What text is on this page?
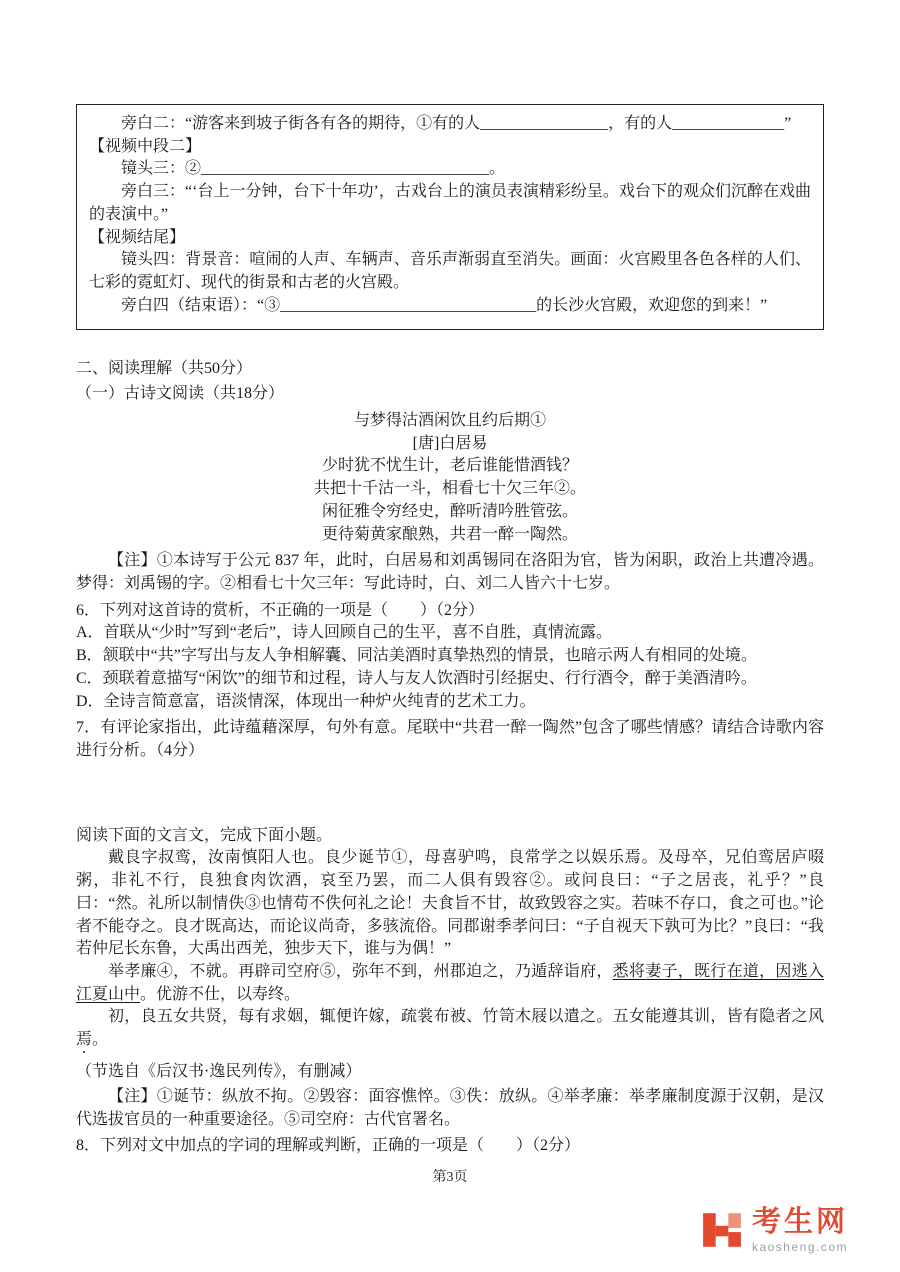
旁白二：“游客来到坡子街各有各的期待，①有的人________________，有的人______________”

【视频中段二】

镜头三：②____________________________________。

旁白三：“‘台上一分钟，台下十年功’，古戏台上的演员表演精彩纷呈。戏台下的观众们沉醉在戏曲的表演中。”

【视频结尾】

镜头四：背景音：喧闹的人声、车辆声、音乐声渐弱直至消失。画面：火宫殿里各色各样的人们、七彩的霓虹灯、现代的街景和古老的火宫殿。

旁白四（结束语）：“③________________________________的长沙火宫殿，欢迎您的到来！”

二、阅读理解（共50分）

（一）古诗文阅读（共18分）

与梦得沽酒闲饮且约后期①

[唐]白居易

少时犹不忧生计，老后谁能惜酒钱？

共把十千沽一斗，相看七十欠三年②。

闲征雅令穷经史，醉听清吟胜管弦。

更待菊黄家酿熟，共君一醉一陶然。

【注】①本诗写于公元 837 年，此时，白居易和刘禹锡同在洛阳为官，皆为闲职，政治上共遭冷遇。梦得：刘禹锡的字。②相看七十欠三年：写此诗时，白、刘二人皆六十七岁。

6．下列对这首诗的赏析，不正确的一项是（　　）（2分）

A．首联从“少时”写到“老后”，诗人回顾自己的生平，喜不自胜，真情流露。

B．颔联中“共”字写出与友人争相解囊、同沽美酒时真挚热烈的情景，也暗示两人有相同的处境。

C．颈联着意描写“闲饮”的细节和过程，诗人与友人饮酒时引经据史、行行酒令，醉于美酒清吟。

D．全诗言简意富，语淡情深，体现出一种炉火纯青的艺术工力。

7．有评论家指出，此诗蕴藉深厚，句外有意。尾联中“共君一醉一陶然”包含了哪些情感？请结合诗歌内容进行分析。（4分）

阅读下面的文言文，完成下面小题。

戴良字叔鸾，汝南慎阳人也。良少诞节①，母喜驴鸣，良常学之以娱乐焉。及母卒，兄伯鸾居庐啜粥，非礼不行，良独食肉饮酒，哀至乃罢，而二人俱有毁容②。或问良曰：“子之居丧，礼乎？”良曰：“然。礼所以制情佚③也情苟不佚何礼之论！夫食旨不甘，故致毁容之实。若味不存口，食之可也。”论者不能夺之。良才既高达，而论议尚奇，多骇流俗。同郡谢季孝问曰：“子自视天下孰可为比？”良曰：“我若仲尼长东鲁，大禹出西羌，独步天下，谁与为偶！”

举孝廉④，不就。再辟司空府⑤，弥年不到，州郡迫之，乃遁辞诣府，悉将妻子，既行在道，因逃入江夏山中。优游不仕，以寿终。

初，良五女共贤，每有求姻，辄便许嫁，疏裳布被、竹笥木屐以遣之。五女能遵其训，皆有隐者之风焉。

（节选自《后汉书·逸民列传》，有删减）

【注】①诞节：纵放不拘。②毁容：面容憔悴。③佚：放纵。④举孝廉：举孝廉制度源于汉朝，是汉代选拔官员的一种重要途径。⑤司空府：古代官署名。

8．下列对文中加点的字词的理解或判断，正确的一项是（　　）（2分）

第3页
考生网
kaosheng.com
